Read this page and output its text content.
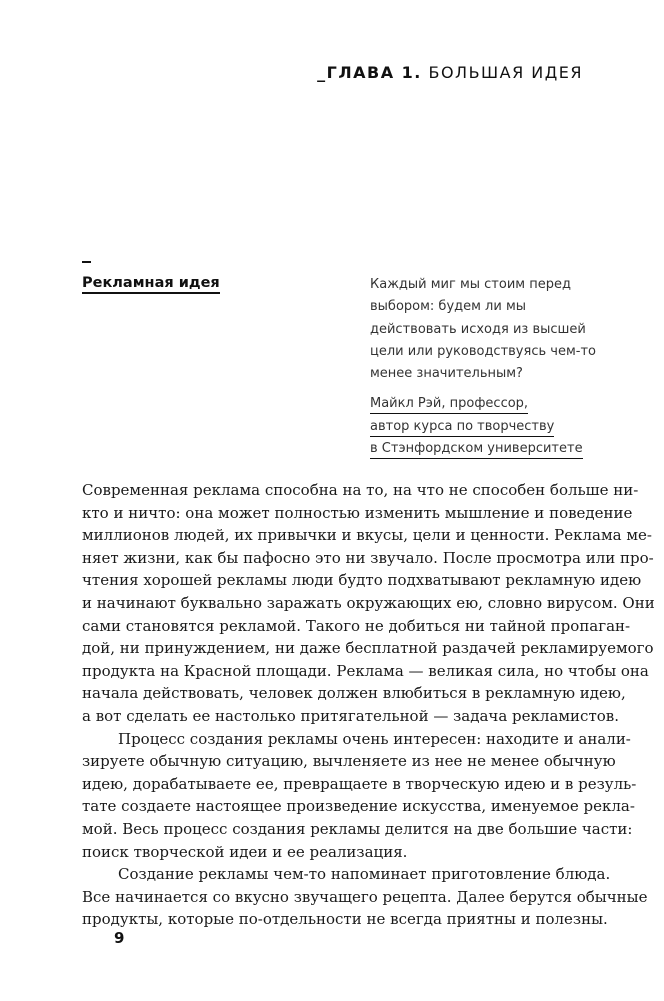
_ГЛАВА 1. БОЛЬШАЯ ИДЕЯ
Рекламная идея	Каждый миг мы стоим перед
выбором: будем ли мы
действовать исходя из высшей
цели или руководствуясь чем-то
менее значительным?
Майкл Рэй, профессор,
автор курса по творчеству
в Стэнфордском университете
Современная реклама способна на то, на что не способен больше ни-
кто и ничто: она может полностью изменить мышление и поведение
миллионов людей, их привычки и вкусы, цели и ценности. Реклама ме-
няет жизни, как бы пафосно это ни звучало. После просмотра или про-
чтения хорошей рекламы люди будто подхватывают рекламную идею
и начинают буквально заражать окружающих ею, словно вирусом. Они
сами становятся рекламой. Такого не добиться ни тайной пропаган-
дой, ни принуждением, ни даже бесплатной раздачей рекламируемого
продукта на Красной площади. Реклама — великая сила, но чтобы она
начала действовать, человек должен влюбиться в рекламную идею,
а вот сделать ее настолько притягательной — задача рекламистов.
Процесс создания рекламы очень интересен: находите и анали-
зируете обычную ситуацию, вычленяете из нее не менее обычную
идею, дорабатываете ее, превращаете в творческую идею и в резуль-
тате создаете настоящее произведение искусства, именуемое рекла-
мой. Весь процесс создания рекламы делится на две большие части:
поиск творческой идеи и ее реализация.
Создание рекламы чем-то напоминает приготовление блюда.
Все начинается со вкусно звучащего рецепта. Далее берутся обычные
продукты, которые по-отдельности не всегда приятны и полезны.
9
